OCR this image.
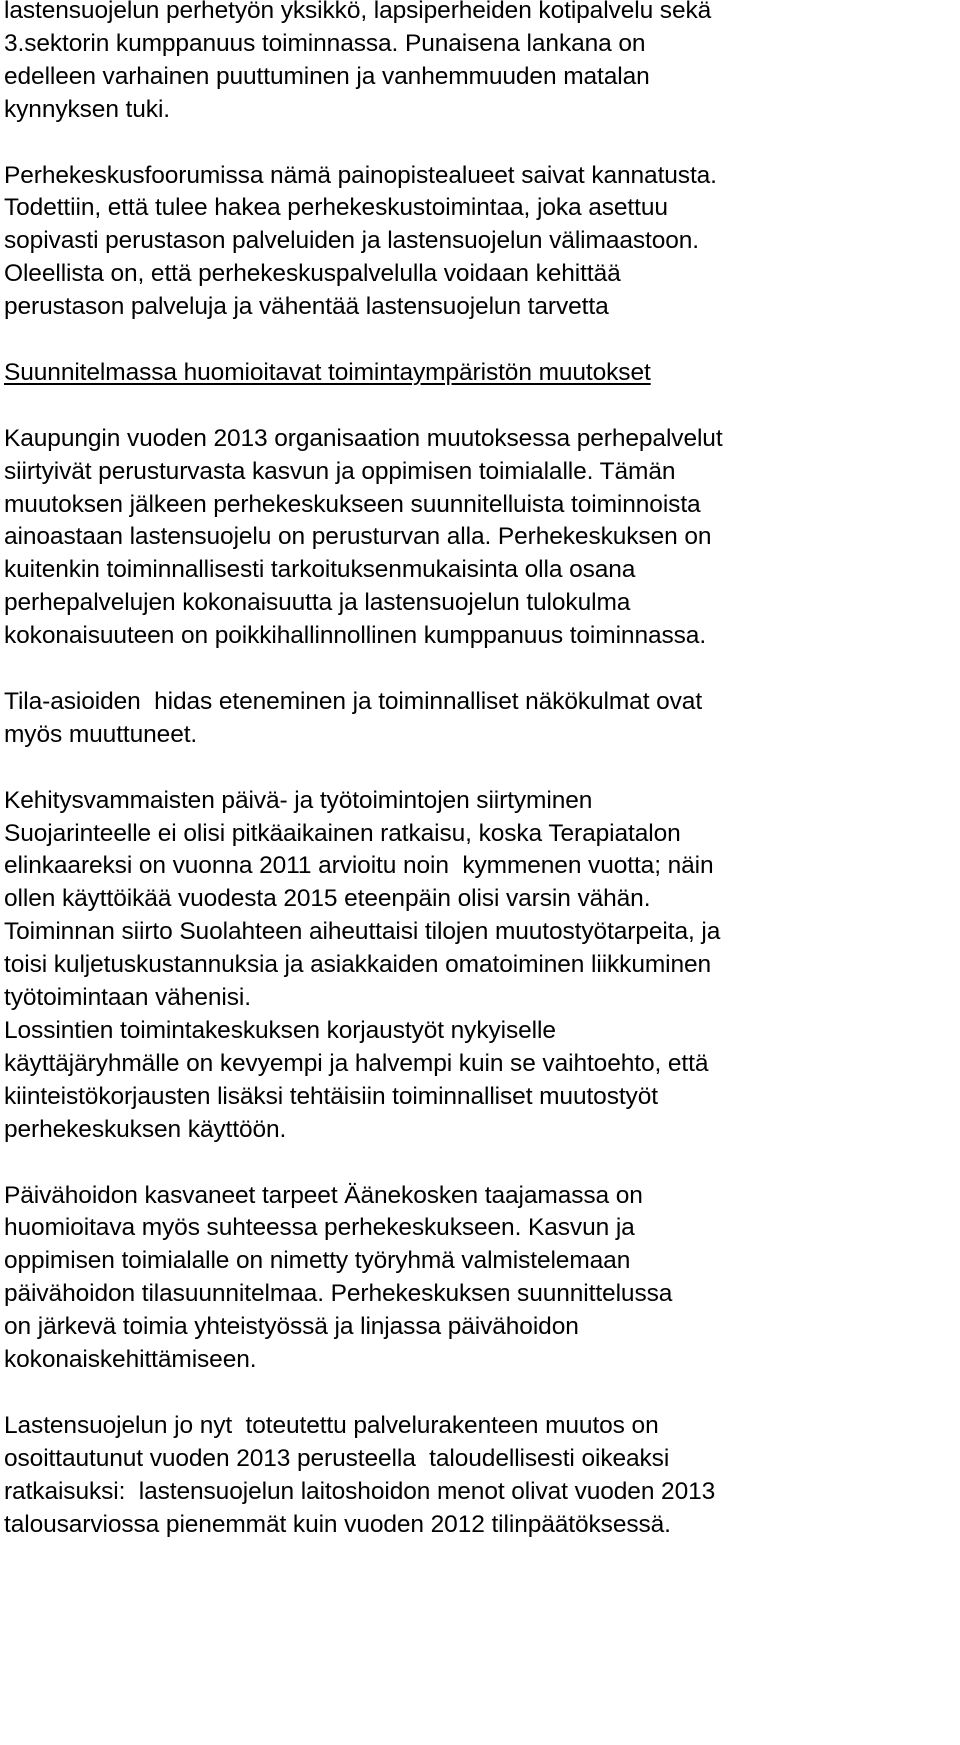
lastensuojelun perhetyön yksikkö, lapsiperheiden kotipalvelu sekä
3.sektorin kumppanuus toiminnassa. Punaisena lankana on
edelleen varhainen puuttuminen ja vanhemmuuden matalan
kynnyksen tuki.
Perhekeskusfoorumissa nämä painopistealueet saivat kannatusta.
Todettiin, että tulee hakea perhekeskustoimintaa, joka asettuu
sopivasti perustason palveluiden ja lastensuojelun välimaastoon.
Oleellista on, että perhekeskuspalvelulla voidaan kehittää
perustason palveluja ja vähentää lastensuojelun tarvetta
Suunnitelmassa huomioitavat toimintaympäristön muutokset
Kaupungin vuoden 2013 organisaation muutoksessa perhepalvelut
siirtyivät perusturvasta kasvun ja oppimisen toimialalle. Tämän
muutoksen jälkeen perhekeskukseen suunnitelluista toiminnoista
ainoastaan lastensuojelu on perusturvan alla. Perhekeskuksen on
kuitenkin toiminnallisesti tarkoituksenmukaisinta olla osana
perhepalvelujen kokonaisuutta ja lastensuojelun tulokulma
kokonaisuuteen on poikkihallinnollinen kumppanuus toiminnassa.
Tila-asioiden  hidas eteneminen ja toiminnalliset näkökulmat ovat
myös muuttuneet.
Kehitysvammaisten päivä- ja työtoimintojen siirtyminen
Suojarinteelle ei olisi pitkäaikainen ratkaisu, koska Terapiatalon
elinkaareksi on vuonna 2011 arvioitu noin  kymmenen vuotta; näin
ollen käyttöikää vuodesta 2015 eteenpäin olisi varsin vähän.
Toiminnan siirto Suolahteen aiheuttaisi tilojen muutostyötarpeita, ja
toisi kuljetuskustannuksia ja asiakkaiden omatoiminen liikkuminen
työtoimintaan vähenisi.
Lossintien toimintakeskuksen korjaustyöt nykyiselle
käyttäjäryhmälle on kevyempi ja halvempi kuin se vaihtoehto, että
kiinteistökorjausten lisäksi tehtäisiin toiminnalliset muutostyöt
perhekeskuksen käyttöön.
Päivähoidon kasvaneet tarpeet Äänekosken taajamassa on
huomioitava myös suhteessa perhekeskukseen. Kasvun ja
oppimisen toimialalle on nimetty työryhmä valmistelemaan
päivähoidon tilasuunnitelmaa. Perhekeskuksen suunnittelussa
on järkevä toimia yhteistyössä ja linjassa päivähoidon
kokonaiskehittämiseen.
Lastensuojelun jo nyt  toteutettu palvelurakenteen muutos on
osoittautunut vuoden 2013 perusteella  taloudellisesti oikeaksi
ratkaisuksi:  lastensuojelun laitoshoidon menot olivat vuoden 2013
talousarviossa pienemmät kuin vuoden 2012 tilinpäätöksessä.
